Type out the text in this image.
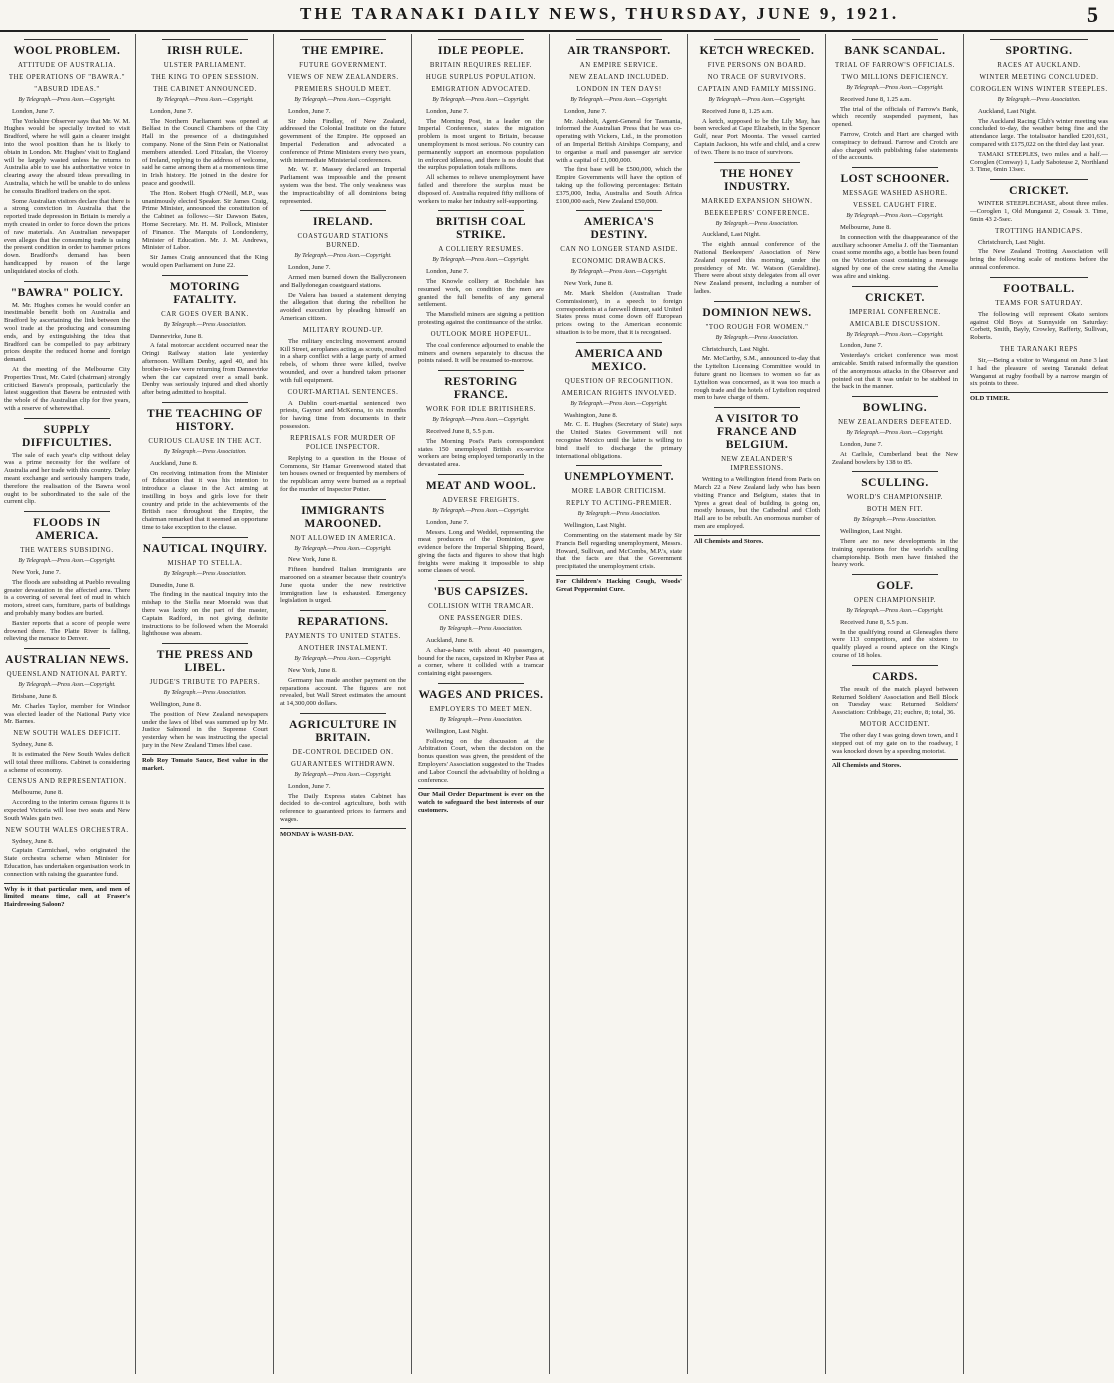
THE TARANAKI DAILY NEWS, THURSDAY, JUNE 9, 1921.	5
WOOL PROBLEM.
ATTITUDE OF AUSTRALIA.
THE OPERATIONS OF "BAWRA."
"ABSURD IDEAS."
By Telegraph.—Press Assn.—Copyright.

London, June 7.

The Yorkshire Observer says that Mr. W. M. Hughes would be specially invited to visit Bradford, where he will gain a clearer insight into the wool position than he is likely to obtain in London. Mr. Hughes' visit to England will be largely wasted unless he returns to Australia able to use his authoritative voice in clearing away the absurd ideas prevailing in Australia, which he will be unable to do unless he consults Bradford traders on the spot.

Some Australian visitors declare that there is a strong conviction in Australia that the reported trade depression in Britain is merely a myth created in order to force down the prices of raw materials. An Australian newspaper even alleges that the consuming trade is using the present condition in order to hammer prices down. Bradford's demand has been handicapped by reason of the large unliquidated stocks of cloth.

"BAWRA" POLICY.

M. Mr. Hughes comes he would confer an inestimable benefit both on Australia and Bradford by ascertaining the link between the wool trade at the producing and consuming ends, and by extinguishing the idea that Bradford can be compelled to pay arbitrary prices despite the reduced home and foreign demand.

At the meeting of the Melbourne City Properties Trust, Mr. Caird (chairman) strongly criticised Bawra's proposals, particularly the latest suggestion that Bawra be entrusted with the whole of the Australian clip for five years, with a reserve of wherewithal.

SUPPLY DIFFICULTIES.

The sale of each year's clip without delay was a prime necessity for the welfare of Australia and her trade with this country. Delay meant exchange and seriously hampers trade, therefore the realisation of the Bawra wool ought to be subordinated to the sale of the current clip.

FLOODS IN AMERICA.
THE WATERS SUBSIDING.
By Telegraph.—Press Assn.—Copyright.

New York, June 7.

The floods are subsiding at Pueblo revealing greater devastation in the affected area. There is a covering of several feet of mud in which motors, street cars, furniture, parts of buildings and probably many bodies are buried.

Baxter reports that a score of people were drowned there. The Platte River is falling, relieving the menace to Denver.

AUSTRALIAN NEWS.
QUEENSLAND NATIONAL PARTY.
By Telegraph.—Press Assn.—Copyright.

Brisbane, June 8.

Mr. Charles Taylor, member for Windsor was elected leader of the National Party vice Mr. Barnes.

NEW SOUTH WALES DEFICIT.

Sydney, June 8.

It is estimated the New South Wales deficit will total three millions. Cabinet is considering a scheme of economy.

CENSUS AND REPRESENTATION.

Melbourne, June 8.

According to the interim census figures it is expected Victoria will lose two seats and New South Wales gain two.

NEW SOUTH WALES ORCHESTRA.

Sydney, June 8.

Captain Carmichael, who originated the State orchestra scheme when Minister for Education, has undertaken organisation work in connection with raising the guarantee fund.

Why is it that particular men, and men of limited means time, call at Fraser's Hairdressing Saloon?
IRISH RULE.
ULSTER PARLIAMENT.
THE KING TO OPEN SESSION.
THE CABINET ANNOUNCED.
By Telegraph.—Press Assn.—Copyright.

London, June 7.

The Northern Parliament was opened at Belfast in the Council Chambers of the City Hall in the presence of a distinguished company. None of the Sinn Fein or Nationalist members attended. Lord Fitzalan, the Viceroy of Ireland, replying to the address of welcome, said he came among them at a momentous time in Irish history. He joined in the desire for peace and goodwill.

The Hon. Robert Hugh O'Neill, M.P., was unanimously elected Speaker. Sir James Craig, Prime Minister, announced the constitution of the Cabinet as follows:—Sir Dawson Bates, Home Secretary. Mr. H. M. Pollock, Minister of Finance. The Marquis of Londonderry, Minister of Education. Mr. J. M. Andrews, Minister of Labor.

Sir James Craig announced that the King would open Parliament on June 22.

MOTORING FATALITY.
CAR GOES OVER BANK.
By Telegraph.—Press Association.

Dannevirke, June 8.

A fatal motorcar accident occurred near the Oringi Railway station late yesterday afternoon. William Denby, aged 40, and his brother-in-law were returning from Dannevirke when the car capsized over a small bank. Denby was seriously injured and died shortly after being admitted to hospital.

THE TEACHING OF HISTORY.
CURIOUS CLAUSE IN THE ACT.
By Telegraph.—Press Association.

Auckland, June 8.

On receiving intimation from the Minister of Education that it was his intention to introduce a clause in the Act aiming at instilling in boys and girls love for their country and pride in the achievements of the British race throughout the Empire, the chairman remarked that it seemed an opportune time to take exception to the clause.

NAUTICAL INQUIRY.
MISHAP TO STELLA.
By Telegraph.—Press Association.

Dunedin, June 8.

The finding in the nautical inquiry into the mishap to the Stella near Moeraki was that there was laxity on the part of the master, Captain Radford, in not giving definite instructions to be followed when the Moeraki lighthouse was abeam.

THE PRESS AND LIBEL.
JUDGE'S TRIBUTE TO PAPERS.
By Telegraph.—Press Association.

Wellington, June 8.

The position of New Zealand newspapers under the laws of libel was summed up by Mr. Justice Salmond in the Supreme Court yesterday when he was instructing the special jury in the New Zealand Times libel case.

Rob Roy Tomato Sauce, Best value in the market.
THE EMPIRE.
FUTURE GOVERNMENT.
VIEWS OF NEW ZEALANDERS.
PREMIERS SHOULD MEET.
By Telegraph.—Press Assn.—Copyright.

London, June 7.

Sir John Findlay, of New Zealand, addressed the Colonial Institute on the future government of the Empire. He opposed an Imperial Federation and advocated a conference of Prime Ministers every two years, with intermediate Ministerial conferences.

Mr. W. F. Massey declared an Imperial Parliament was impossible and the present system was the best. The only weakness was the impracticability of all dominions being represented.

IRELAND.
COASTGUARD STATIONS BURNED.
By Telegraph.—Press Assn.—Copyright.

London, June 7.

Armed men burned down the Ballycroneen and Ballydonegan coastguard stations.

De Valera has issued a statement denying the allegation that during the rebellion he avoided execution by pleading himself an American citizen.

MILITARY ROUND-UP.

The military encircling movement around Kill Street, aeroplanes acting as scouts, resulted in a sharp conflict with a large party of armed rebels, of whom three were killed, twelve wounded, and over a hundred taken prisoner with full equipment.

COURT-MARTIAL SENTENCES.

A Dublin court-martial sentenced two priests, Gaynor and McKenna, to six months for having time from documents in their possession.

REPRISALS FOR MURDER OF POLICE INSPECTOR.

Replying to a question in the House of Commons, Sir Hamar Greenwood stated that ten houses owned or frequented by members of the republican army were burned as a reprisal for the murder of Inspector Potter.

IMMIGRANTS MAROONED.
NOT ALLOWED IN AMERICA.
By Telegraph.—Press Assn.—Copyright.

New York, June 8.

Fifteen hundred Italian immigrants are marooned on a steamer because their country's June quota under the new restrictive immigration law is exhausted. Emergency legislation is urged.

REPARATIONS.
PAYMENTS TO UNITED STATES.
ANOTHER INSTALMENT.
By Telegraph.—Press Assn.—Copyright.

New York, June 8.

Germany has made another payment on the reparations account. The figures are not revealed, but Wall Street estimates the amount at 14,300,000 dollars.

AGRICULTURE IN BRITAIN.
DE-CONTROL DECIDED ON.
GUARANTEES WITHDRAWN.
By Telegraph.—Press Assn.—Copyright.

London, June 7.

The Daily Express states Cabinet has decided to de-control agriculture, both with reference to guaranteed prices to farmers and wages.

MONDAY is WASH-DAY.
IDLE PEOPLE.
BRITAIN REQUIRES RELIEF.
HUGE SURPLUS POPULATION.
EMIGRATION ADVOCATED.
By Telegraph.—Press Assn.—Copyright.

London, June 7.

The Morning Post, in a leader on the Imperial Conference, states the migration problem is most urgent to Britain, because unemployment is most serious. No country can permanently support an enormous population in enforced idleness, and there is no doubt that the surplus population totals millions.

All schemes to relieve unemployment have failed and therefore the surplus must be disposed of. Australia required fifty millions of workers to make her industry self-supporting.

BRITISH COAL STRIKE.
A COLLIERY RESUMES.
By Telegraph.—Press Assn.—Copyright.

London, June 7.

The Knowle colliery at Rochdale has resumed work, on condition the men are granted the full benefits of any general settlement.

The Mansfield miners are signing a petition protesting against the continuance of the strike.

OUTLOOK MORE HOPEFUL.

The coal conference adjourned to enable the miners and owners separately to discuss the points raised. It will be resumed to-morrow.

RESTORING FRANCE.
WORK FOR IDLE BRITISHERS.
By Telegraph.—Press Assn.—Copyright.

Received June 8, 5.5 p.m.

The Morning Post's Paris correspondent states 150 unemployed British ex-service workers are being employed temporarily in the devastated area.

MEAT AND WOOL.
ADVERSE FREIGHTS.
By Telegraph.—Press Assn.—Copyright.

London, June 7.

Messrs. Long and Weddel, representing the meat producers of the Dominion, gave evidence before the Imperial Shipping Board, giving the facts and figures to show that high freights were making it impossible to ship some classes of wool.

'BUS CAPSIZES.
COLLISION WITH TRAMCAR.
ONE PASSENGER DIES.
By Telegraph.—Press Association.

Auckland, June 8.

A char-a-banc with about 40 passengers, bound for the races, capsized in Khyber Pass at a corner, where it collided with a tramcar containing eight passengers.

WAGES AND PRICES.
EMPLOYERS TO MEET MEN.
By Telegraph.—Press Association.

Wellington, Last Night.

Following on the discussion at the Arbitration Court, when the decision on the bonus question was given, the president of the Employers' Association suggested to the Trades and Labor Council the advisability of holding a conference.

Our Mail Order Department is ever on the watch to safeguard the best interests of our customers.
AIR TRANSPORT.
AN EMPIRE SERVICE.
NEW ZEALAND INCLUDED.
LONDON IN TEN DAYS!
By Telegraph.—Press Assn.—Copyright.

London, June 7.

Mr. Ashbolt, Agent-General for Tasmania, informed the Australian Press that he was co-operating with Vickers, Ltd., in the promotion of an Imperial British Airships Company, and to organise a mail and passenger air service with a capital of £1,000,000.

The first base will be £500,000, which the Empire Governments will have the option of taking up the following percentages: Britain £375,000, India, Australia and South Africa £100,000 each, New Zealand £50,000.

AMERICA'S DESTINY.
CAN NO LONGER STAND ASIDE.
ECONOMIC DRAWBACKS.
By Telegraph.—Press Assn.—Copyright.

New York, June 8.

Mr. Mark Sheldon (Australian Trade Commissioner), in a speech to foreign correspondents at a farewell dinner, said United States press must come down off European prices owing to the American economic situation is to be more, that it is recognised.

AMERICA AND MEXICO.
QUESTION OF RECOGNITION.
AMERICAN RIGHTS INVOLVED.
By Telegraph.—Press Assn.—Copyright.

Washington, June 8.

Mr. C. E. Hughes (Secretary of State) says the United States Government will not recognise Mexico until the latter is willing to bind itself to discharge the primary international obligations.

UNEMPLOYMENT.
MORE LABOR CRITICISM.
REPLY TO ACTING-PREMIER.
By Telegraph.—Press Association.

Wellington, Last Night.

Commenting on the statement made by Sir Francis Bell regarding unemployment, Messrs. Howard, Sullivan, and McCombs, M.P.'s, state that the facts are that the Government precipitated the unemployment crisis.

For Children's Hacking Cough, Woods' Great Peppermint Cure.
KETCH WRECKED.
FIVE PERSONS ON BOARD.
NO TRACE OF SURVIVORS.
CAPTAIN AND FAMILY MISSING.
By Telegraph.—Press Assn.—Copyright.

Received June 8, 1.25 a.m.

A ketch, supposed to be the Lily May, has been wrecked at Cape Elizabeth, in the Spencer Gulf, near Port Moonta. The vessel carried Captain Jackson, his wife and child, and a crew of two. There is no trace of survivors.

THE HONEY INDUSTRY.
MARKED EXPANSION SHOWN.
BEEKEEPERS' CONFERENCE.
By Telegraph.—Press Association.

Auckland, Last Night.

The eighth annual conference of the National Beekeepers' Association of New Zealand opened this morning, under the presidency of Mr. W. Watson (Geraldine). There were about sixty delegates from all over New Zealand present, including a number of ladies.

DOMINION NEWS.
"TOO ROUGH FOR WOMEN."
By Telegraph.—Press Association.

Christchurch, Last Night.

Mr. McCarthy, S.M., announced to-day that the Lyttelton Licensing Committee would in future grant no licenses to women so far as Lyttelton was concerned, as it was too much a rough trade and the hotels of Lyttelton required men to have charge of them.

A VISITOR TO FRANCE AND BELGIUM.
NEW ZEALANDER'S IMPRESSIONS.

Writing to a Wellington friend from Paris on March 22 a New Zealand lady who has been visiting France and Belgium, states that in Ypres a great deal of building is going on, mostly houses, but the Cathedral and Cloth Hall are to be rebuilt. An enormous number of men are employed.

All Chemists and Stores.
BANK SCANDAL.
TRIAL OF FARROW'S OFFICIALS.
TWO MILLIONS DEFICIENCY.
By Telegraph.—Press Assn.—Copyright.

Received June 8, 1.25 a.m.

The trial of the officials of Farrow's Bank, which recently suspended payment, has opened.

Farrow, Crotch and Hart are charged with conspiracy to defraud. Farrow and Crotch are also charged with publishing false statements of the accounts.

LOST SCHOONER.
MESSAGE WASHED ASHORE.
VESSEL CAUGHT FIRE.
By Telegraph.—Press Assn.—Copyright.

Melbourne, June 8.

In connection with the disappearance of the auxiliary schooner Amelia J. off the Tasmanian coast some months ago, a bottle has been found on the Victorian coast containing a message signed by one of the crew stating the Amelia was afire and sinking.

CRICKET.
IMPERIAL CONFERENCE.
AMICABLE DISCUSSION.
By Telegraph.—Press Assn.—Copyright.

London, June 7.

Yesterday's cricket conference was most amicable. Smith raised informally the question of the anonymous attacks in the Observer and pointed out that it was unfair to be stabbed in the back in the manner.

BOWLING.
NEW ZEALANDERS DEFEATED.
By Telegraph.—Press Assn.—Copyright.

London, June 7.

At Carlisle, Cumberland beat the New Zealand bowlers by 138 to 85.

SCULLING.
WORLD'S CHAMPIONSHIP.
BOTH MEN FIT.
By Telegraph.—Press Association.

Wellington, Last Night.

There are no new developments in the training operations for the world's sculling championship. Both men have finished the heavy work.

GOLF.
OPEN CHAMPIONSHIP.
By Telegraph.—Press Assn.—Copyright.

Received June 8, 5.5 p.m.

In the qualifying round at Gleneagles there were 113 competitors, and the sixteen to qualify played a round apiece on the King's course of 18 holes.

CARDS.

The result of the match played between Returned Soldiers' Association and Bell Block on Tuesday was: Returned Soldiers' Association: Cribbage, 21; euchre, 8; total, 36.

MOTOR ACCIDENT.

The other day I was going down town, and I stepped out of my gate on to the roadway, I was knocked down by a speeding motorist.

All Chemists and Stores.
SPORTING.
RACES AT AUCKLAND.
WINTER MEETING CONCLUDED.
COROGLEN WINS WINTER STEEPLES.
By Telegraph.—Press Association.

Auckland, Last Night.

The Auckland Racing Club's winter meeting was concluded to-day, the weather being fine and the attendance large. The totalisator handled £201,631, compared with £175,022 on the third day last year.

TAMAKI STEEPLES, two miles and a half.—Coroglen (Conway) 1, Lady Saboteuse 2, Northland 3. Time, 6min 13sec.

CRICKET.

WINTER STEEPLECHASE, about three miles.—Coroglen 1, Old Munganui 2, Cossak 3. Time, 6min 43 2-5sec.

TROTTING HANDICAPS.

Christchurch, Last Night.

The New Zealand Trotting Association will bring the following scale of motions before the annual conference.

FOOTBALL.
TEAMS FOR SATURDAY.

The following will represent Okato seniors against Old Boys at Sunnyside on Saturday: Corbett, Smith, Bayly, Crowley, Rafferty, Sullivan, Roberts.

THE TARANAKI REPS

Sir,—Being a visitor to Wanganui on June 3 last I had the pleasure of seeing Taranaki defeat Wanganui at rugby football by a narrow margin of six points to three.

OLD TIMER.
